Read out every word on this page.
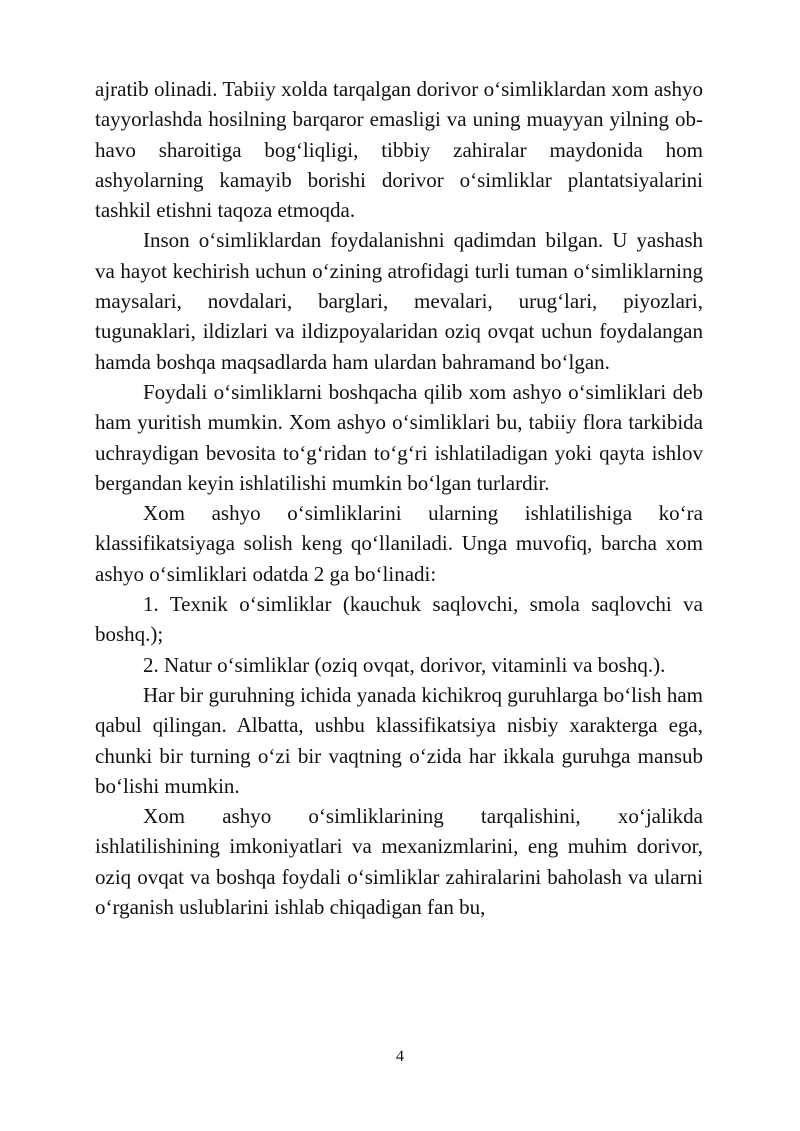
ajratib olinadi. Tabiiy xolda tarqalgan dorivor o‘simliklardan xom ashyo tayyorlashda hosilning barqaror emasligi va uning muayyan yilning ob-havo sharoitiga bog‘liqligi, tibbiy zahiralar maydonida hom ashyolarning kamayib borishi dorivor o‘simliklar plantatsiyalarini tashkil etishni taqoza etmoqda.

Inson o‘simliklardan foydalanishni qadimdan bilgan. U yashash va hayot kechirish uchun o‘zining atrofidagi turli tuman o‘simliklarning maysalari, novdalari, barglari, mevalari, urug‘lari, piyozlari, tugunaklari, ildizlari va ildizpoyalaridan oziq ovqat uchun foydalangan hamda boshqa maqsadlarda ham ulardan bahramand bo‘lgan.

Foydali o‘simliklarni boshqacha qilib xom ashyo o‘simliklari deb ham yuritish mumkin. Xom ashyo o‘simliklari bu, tabiiy flora tarkibida uchraydigan bevosita to‘g‘ridan to‘g‘ri ishlatiladigan yoki qayta ishlov bergandan keyin ishlatilishi mumkin bo‘lgan turlardir.

Xom ashyo o‘simliklarini ularning ishlatilishiga ko‘ra klassifikatsiyaga solish keng qo‘llaniladi. Unga muvofiq, barcha xom ashyo o‘simliklari odatda 2 ga bo‘linadi:

1. Texnik o‘simliklar (kauchuk saqlovchi, smola saqlovchi va boshq.);

2. Natur o‘simliklar (oziq ovqat, dorivor, vitaminli va boshq.).

Har bir guruhning ichida yanada kichikroq guruhlarga bo‘lish ham qabul qilingan. Albatta, ushbu klassifikatsiya nisbiy xarakterga ega, chunki bir turning o‘zi bir vaqtning o‘zida har ikkala guruhga mansub bo‘lishi mumkin.

Xom ashyo o‘simliklarining tarqalishini, xo‘jalikda ishlatilishining imkoniyatlari va mexanizmlarini, eng muhim dorivor, oziq ovqat va boshqa foydali o‘simliklar zahiralarini baholash va ularni o‘rganish uslublarini ishlab chiqadigan fan bu,

4
